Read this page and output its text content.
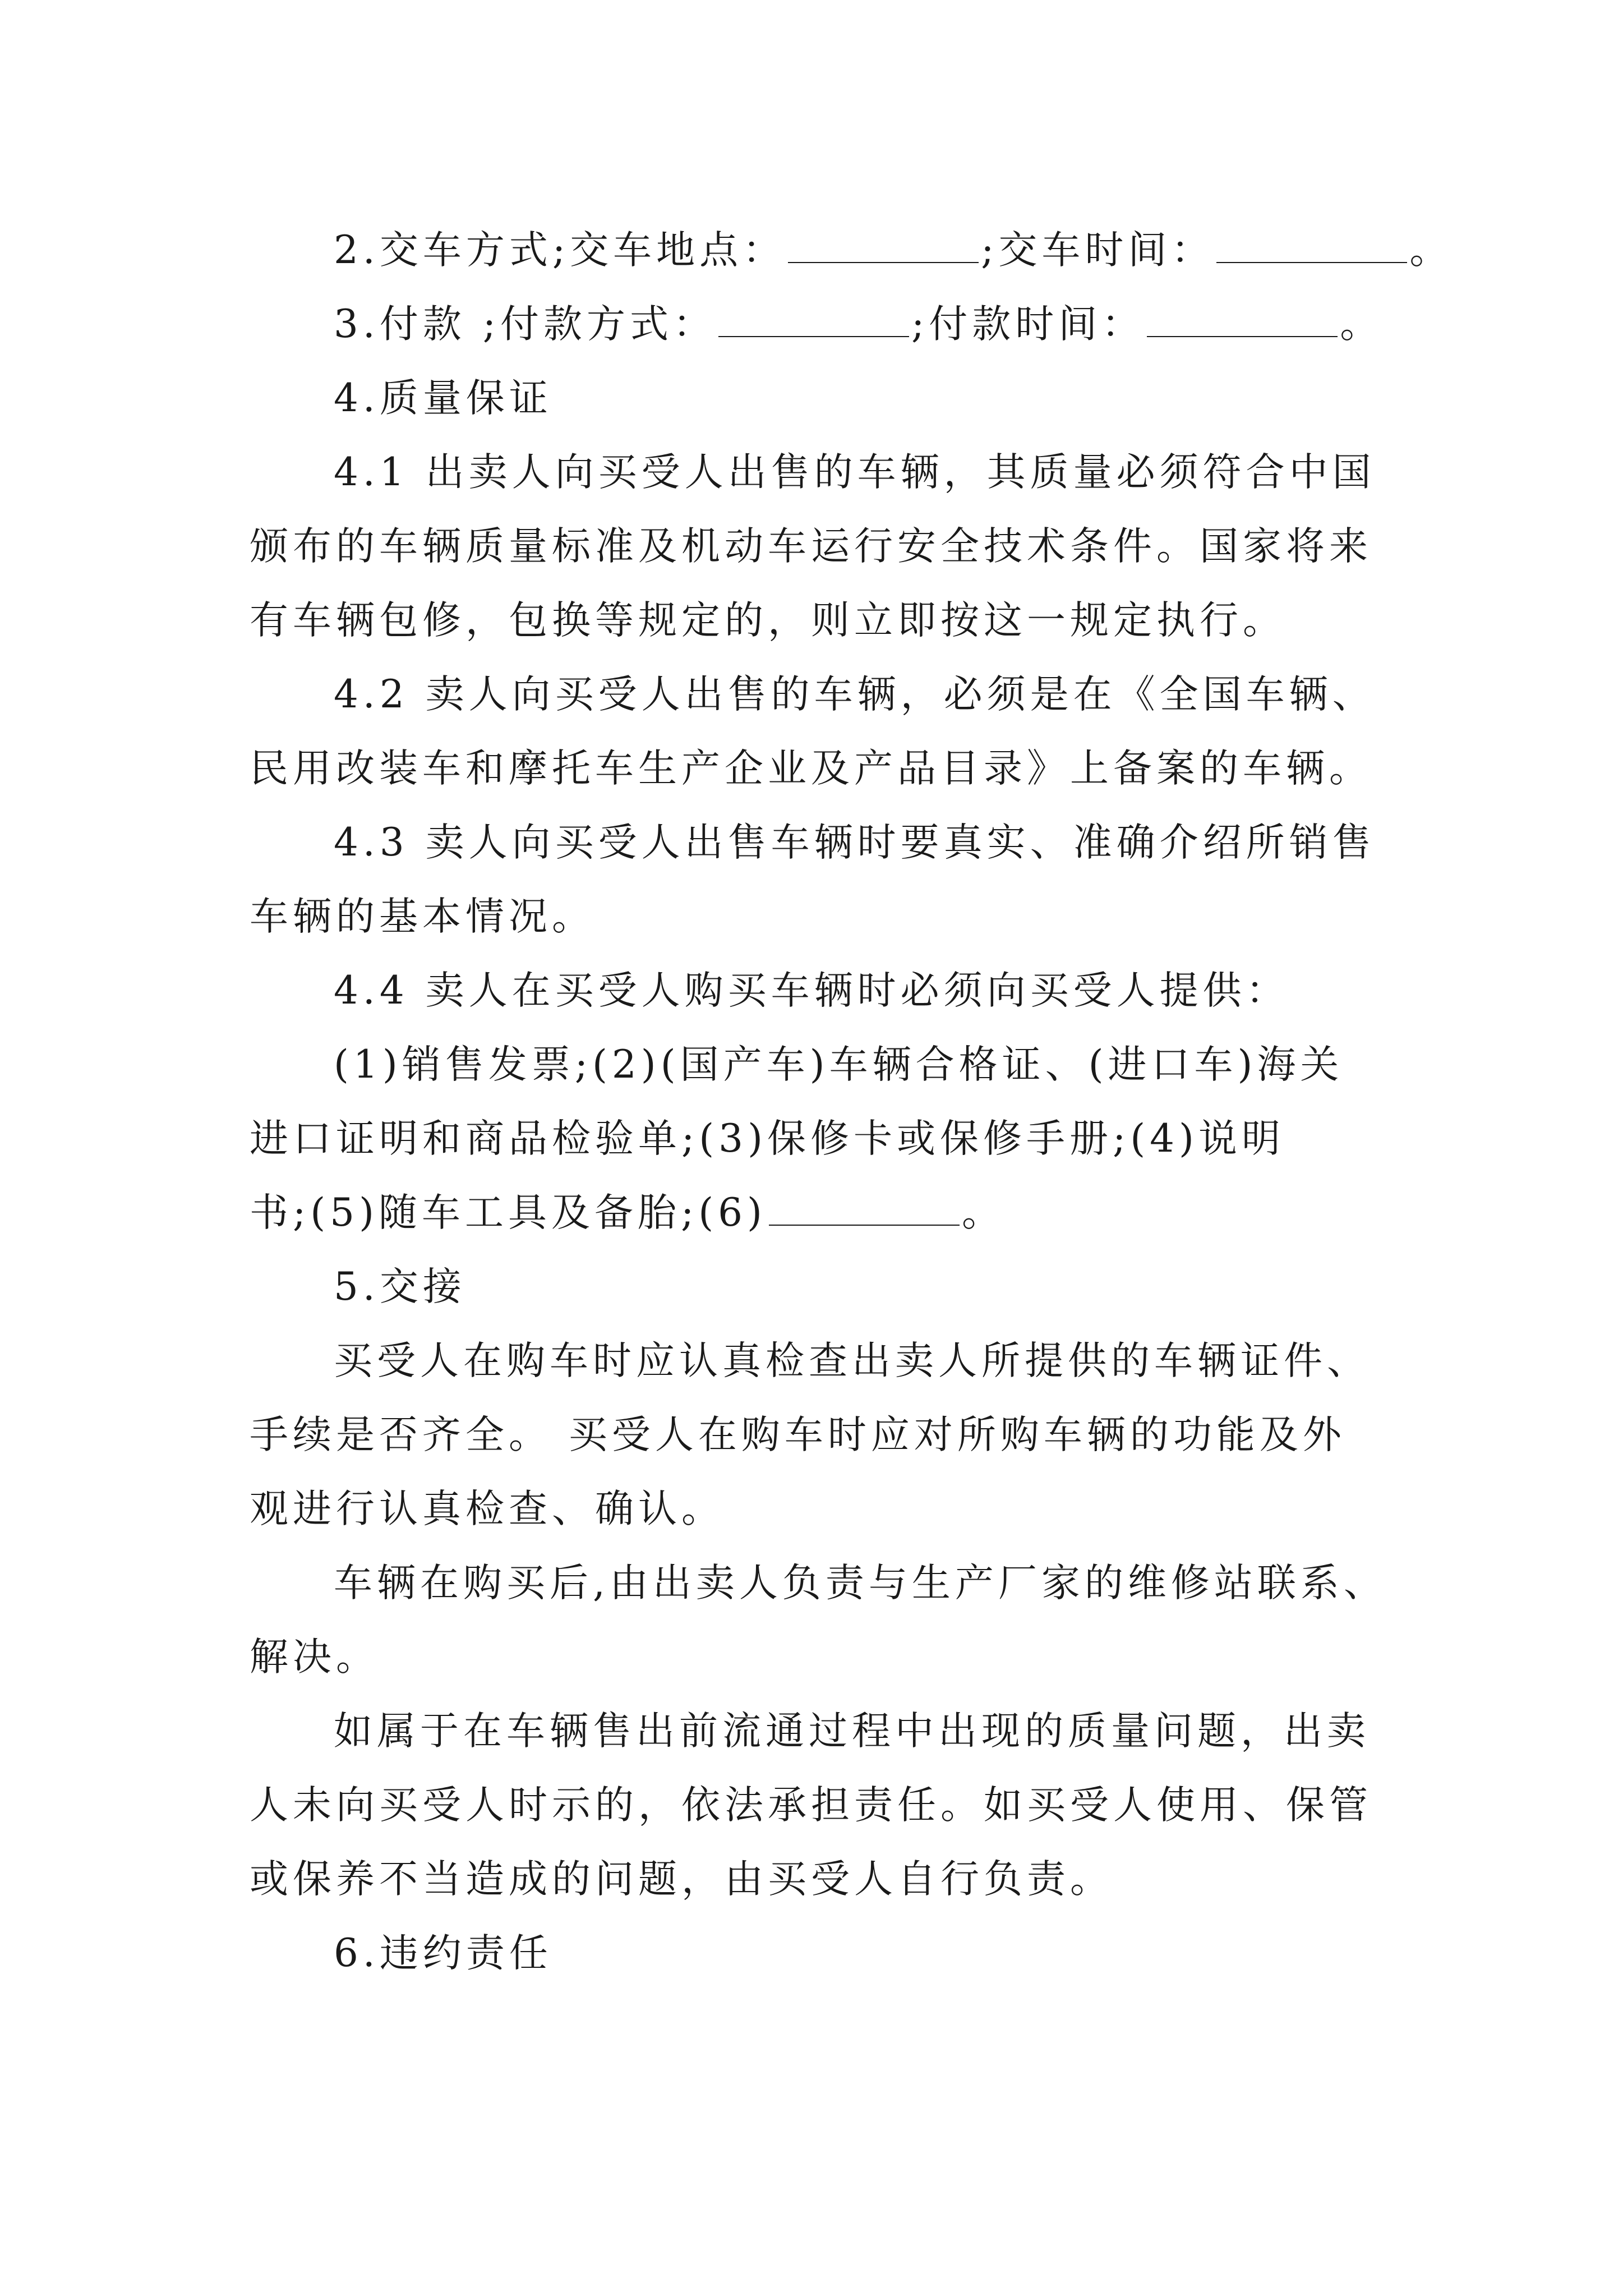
2.交车方式;交车地点：	;交车时间：	。
3.付款 ;付款方式：	;付款时间：	。
4.质量保证
4.1 出卖人向买受人出售的车辆，其质量必须符合中国
颁布的车辆质量标准及机动车运行安全技术条件。国家将来
有车辆包修，包换等规定的，则立即按这一规定执行。
4.2 卖人向买受人出售的车辆，必须是在《全国车辆、
民用改装车和摩托车生产企业及产品目录》上备案的车辆。
4.3 卖人向买受人出售车辆时要真实、准确介绍所销售
车辆的基本情况。
4.4 卖人在买受人购买车辆时必须向买受人提供：
(1)销售发票;(2)(国产车)车辆合格证、(进口车)海关
进口证明和商品检验单;(3)保修卡或保修手册;(4)说明
书;(5)随车工具及备胎;(6)	。
5.交接
买受人在购车时应认真检查出卖人所提供的车辆证件、
手续是否齐全。 买受人在购车时应对所购车辆的功能及外
观进行认真检查、确认。
车辆在购买后,由出卖人负责与生产厂家的维修站联系、
解决。
如属于在车辆售出前流通过程中出现的质量问题，出卖
人未向买受人时示的，依法承担责任。如买受人使用、保管
或保养不当造成的问题，由买受人自行负责。
6.违约责任
